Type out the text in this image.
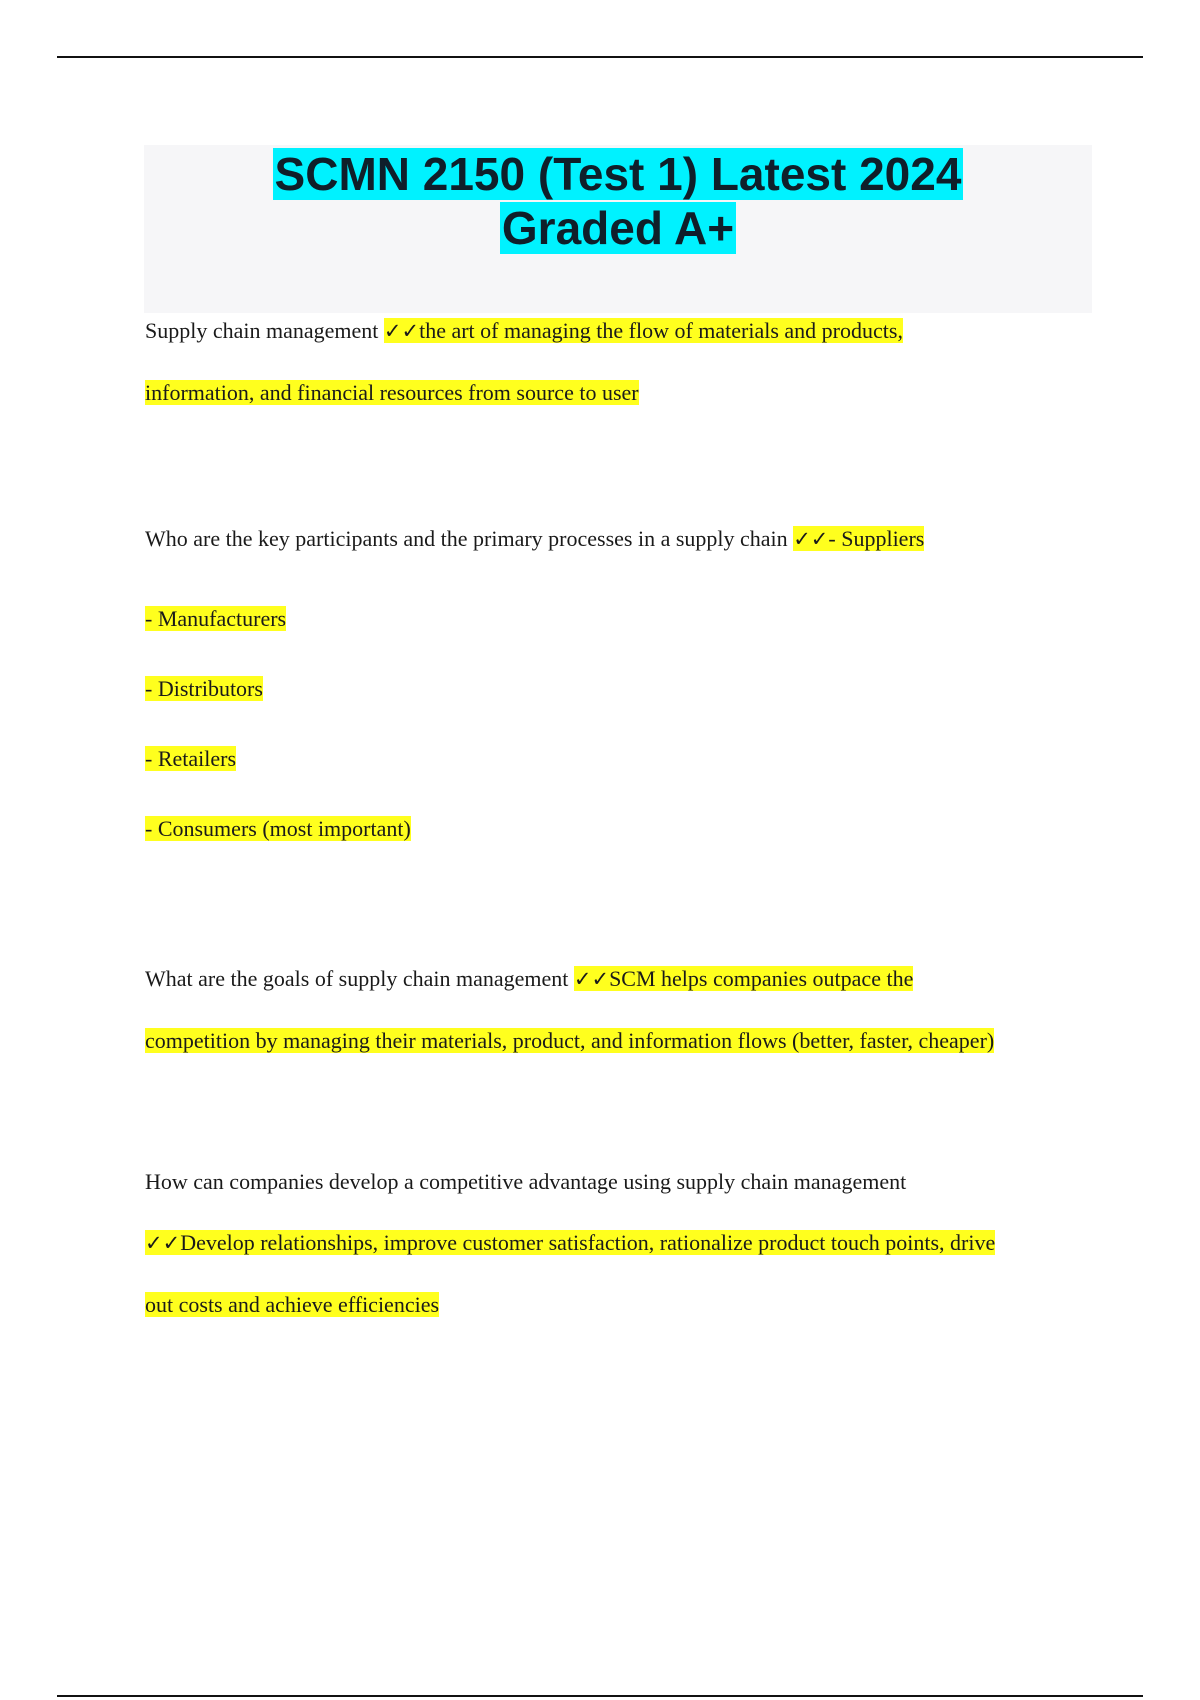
SCMN 2150 (Test 1) Latest 2024
Graded A+
Supply chain management ✓✓the art of managing the flow of materials and products,
information, and financial resources from source to user
Who are the key participants and the primary processes in a supply chain ✓✓- Suppliers
- Manufacturers
- Distributors
- Retailers
- Consumers (most important)
What are the goals of supply chain management ✓✓SCM helps companies outpace the
competition by managing their materials, product, and information flows (better, faster, cheaper)
How can companies develop a competitive advantage using supply chain management
✓✓Develop relationships, improve customer satisfaction, rationalize product touch points, drive
out costs and achieve efficiencies
